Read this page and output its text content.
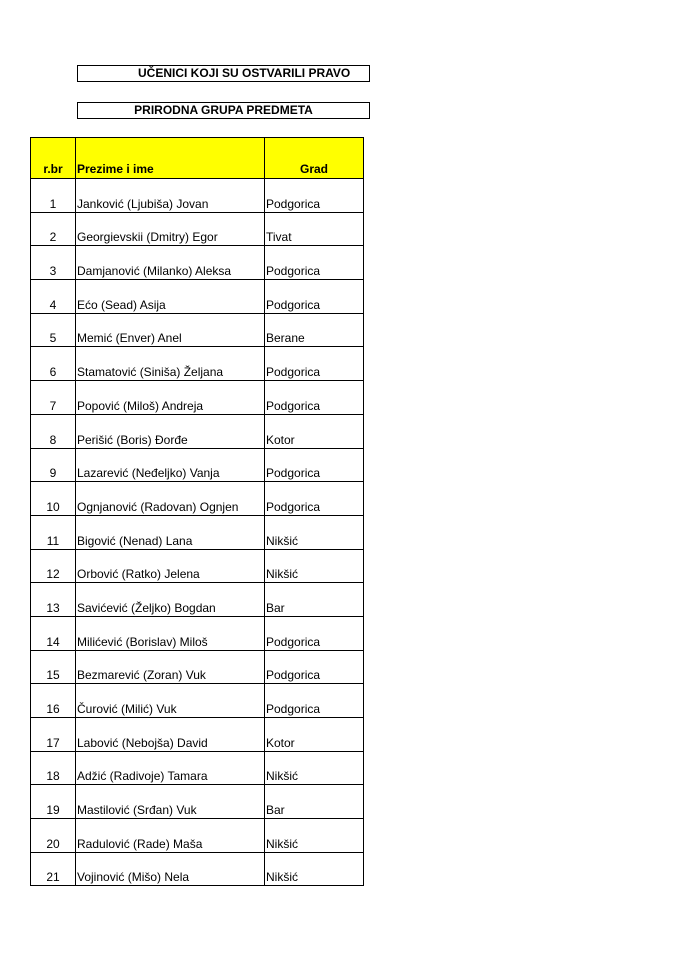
UČENICI KOJI SU OSTVARILI PRAVO
PRIRODNA GRUPA PREDMETA
r.br	Prezime i ime	Grad
1	Janković (Ljubiša) Jovan	Podgorica
2	Georgievskii (Dmitry) Egor	Tivat
3	Damjanović (Milanko) Aleksa	Podgorica
4	Ećo (Sead) Asija	Podgorica
5	Memić (Enver) Anel	Berane
6	Stamatović (Siniša) Željana	Podgorica
7	Popović (Miloš) Andreja	Podgorica
8	Perišić (Boris) Đorđe	Kotor
9	Lazarević (Neđeljko) Vanja	Podgorica
10	Ognjanović (Radovan) Ognjen	Podgorica
11	Bigović (Nenad) Lana	Nikšić
12	Orbović (Ratko) Jelena	Nikšić
13	Savićević (Željko) Bogdan	Bar
14	Milićević (Borislav) Miloš	Podgorica
15	Bezmarević (Zoran) Vuk	Podgorica
16	Čurović (Milić) Vuk	Podgorica
17	Labović (Nebojša) David	Kotor
18	Adžić (Radivoje) Tamara	Nikšić
19	Mastilović (Srđan) Vuk	Bar
20	Radulović (Rade) Maša	Nikšić
21	Vojinović (Mišo) Nela	Nikšić
